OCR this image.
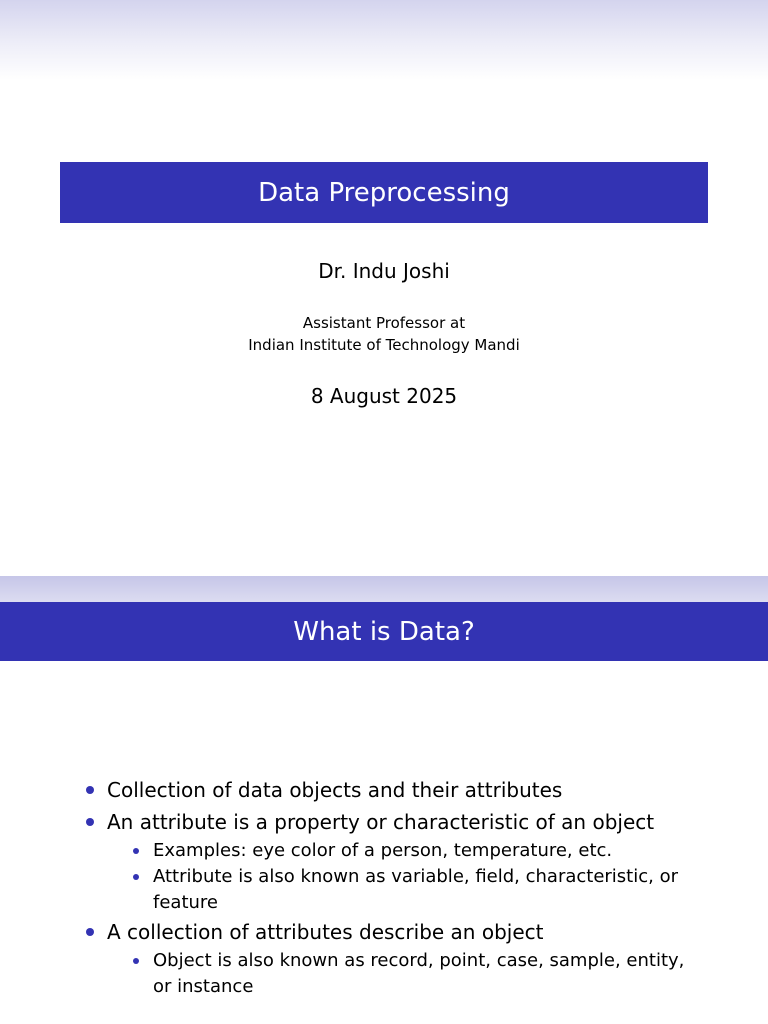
Data Preprocessing
Dr. Indu Joshi
Assistant Professor at
Indian Institute of Technology Mandi
8 August 2025
What is Data?
Collection of data objects and their attributes
An attribute is a property or characteristic of an object
Examples: eye color of a person, temperature, etc.
Attribute is also known as variable, field, characteristic, or feature
A collection of attributes describe an object
Object is also known as record, point, case, sample, entity, or instance
